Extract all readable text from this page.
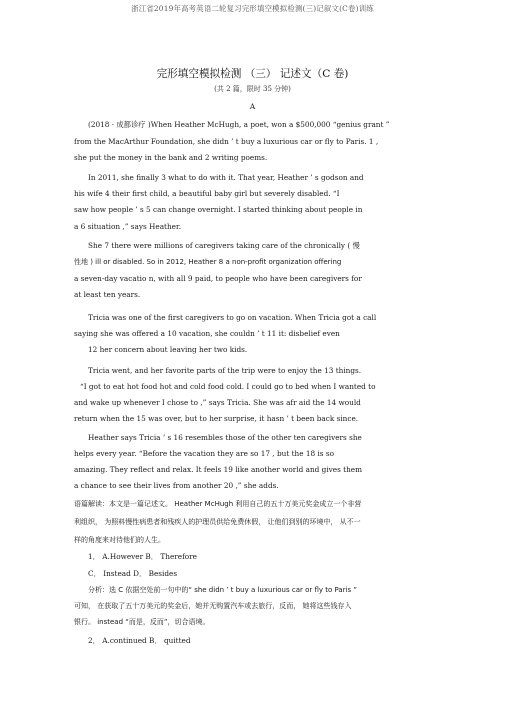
浙江省2019年高考英语二轮复习完形填空模拟检测(三)记叙文(C卷)训练
完形填空模拟检测 （三） 记述文（C 卷)
(共 2 篇，限时 35 分钟)
A
(2018 · 成都诊疗 )When Heather McHugh, a poet, won a $500,000 “genius grant ”
from the MacArthur Foundation, she didn ’ t buy a luxurious car or fly to Paris. 1 ,
she put the money in the bank and 2 writing poems.
In 2011, she finally 3 what to do with it. That year, Heather ’ s godson and
his wife 4 their first child, a beautiful baby girl but severely disabled. “I
saw how people ’ s 5 can change overnight. I started thinking about people in
a 6 situation ,” says Heather.
She 7 there were millions of caregivers taking care of the chronically ( 慢
性地 ) ill or disabled. So in 2012, Heather 8 a non-profit organization offering
a seven-day vacatio n, with all 9 paid, to people who have been caregivers for
at least ten years.
Tricia was one of the first caregivers to go on vacation. When Tricia got a call
saying she was offered a 10 vacation, she couldn ’ t 11 it: disbelief even
12 her concern about leaving her two kids.
Tricia went, and her favorite parts of the trip were to enjoy the 13 things.
“I got to eat hot food hot and cold food cold. I could go to bed when I wanted to
and wake up whenever I chose to ,” says Tricia. She was afr aid the 14 would
return when the 15 was over, but to her surprise, it hasn ’ t been back since.
Heather says Tricia ’ s 16 resembles those of the other ten caregivers she
helps every year. “Before the vacation they are so 17 , but the 18 is so
amazing. They reflect and relax. It feels 19 like another world and gives them
a chance to see their lives from another 20 ,” she adds.
语篇解读：本文是一篇记述文。 Heather McHugh 利用自己的五十万美元奖金成立一个非营
利组织， 为照料慢性病患者和残疾人的护理员供给免费休假， 让他们到别的环境中， 从不一
样的角度来对待他们的人生。
1． A.However B． Therefore
C． Instead D． Besides
分析：选 C 依据空处前一句中的“ she didn ’ t buy a luxurious car or fly to Paris ”
可知， 在获取了五十万美元的奖金后，她并无购置汽车或去旅行，反而， 她将这些钱存入
银行。 instead “而是，反而”，切合语境。
2． A.continued B． quitted
